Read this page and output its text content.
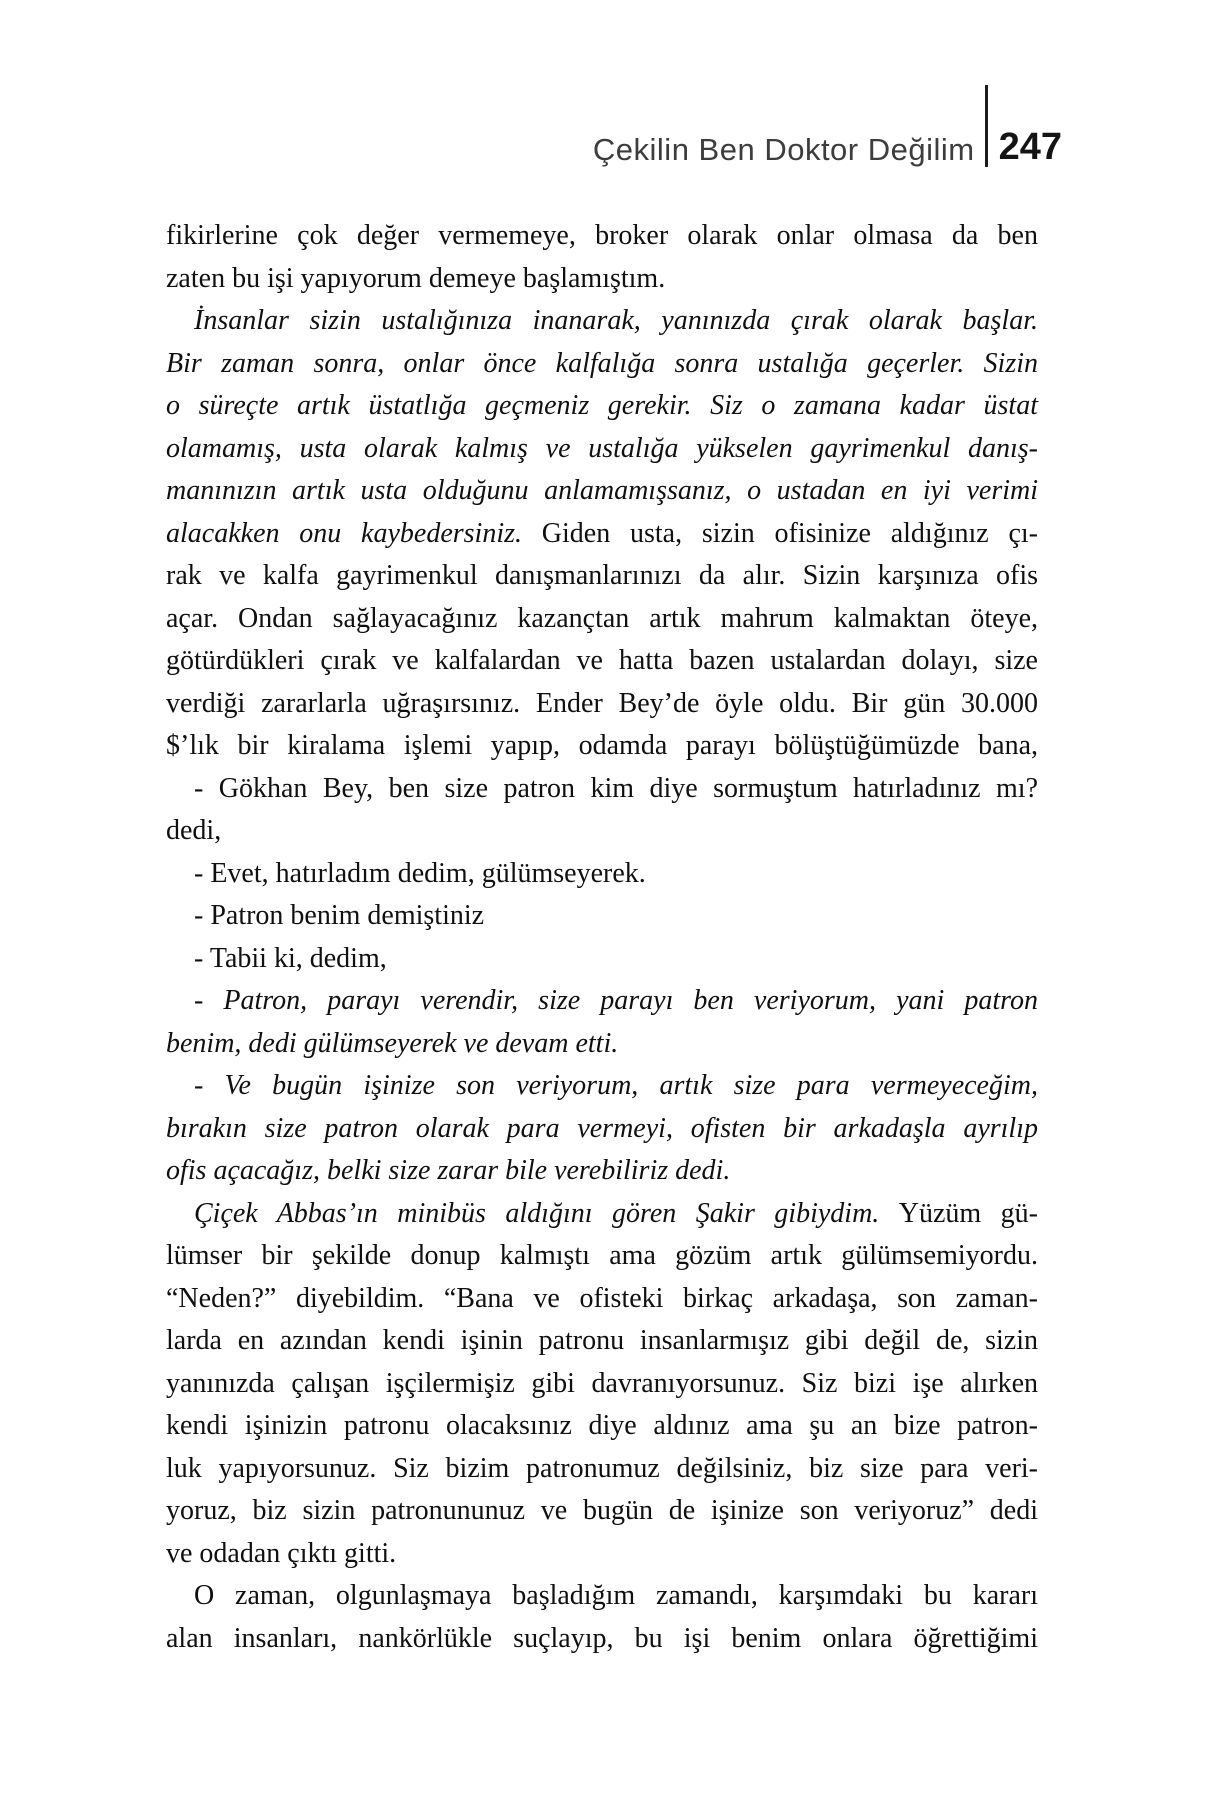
Çekilin Ben Doktor Değilim 247
fikirlerine çok değer vermemeye, broker olarak onlar olmasa da ben
zaten bu işi yapıyorum demeye başlamıştım.
İnsanlar sizin ustalığınıza inanarak, yanınızda çırak olarak başlar.
Bir zaman sonra, onlar önce kalfalığa sonra ustalığa geçerler. Sizin
o süreçte artık üstatlığa geçmeniz gerekir. Siz o zamana kadar üstat
olamamış, usta olarak kalmış ve ustalığa yükselen gayrimenkul danış-
manınızın artık usta olduğunu anlamamışsanız, o ustadan en iyi verimi
alacakken onu kaybedersiniz. Giden usta, sizin ofisinize aldığınız çı-
rak ve kalfa gayrimenkul danışmanlarınızı da alır. Sizin karşınıza ofis
açar. Ondan sağlayacağınız kazançtan artık mahrum kalmaktan öteye,
götürdükleri çırak ve kalfalardan ve hatta bazen ustalardan dolayı, size
verdiği zararlarla uğraşırsınız. Ender Bey’de öyle oldu. Bir gün 30.000
$’lık bir kiralama işlemi yapıp, odamda parayı bölüştüğümüzde bana,
- Gökhan Bey, ben size patron kim diye sormuştum hatırladınız mı?
dedi,
- Evet, hatırladım dedim, gülümseyerek.
- Patron benim demiştiniz
- Tabii ki, dedim,
- Patron, parayı verendir, size parayı ben veriyorum, yani patron
benim, dedi gülümseyerek ve devam etti.
- Ve bugün işinize son veriyorum, artık size para vermeyeceğim,
bırakın size patron olarak para vermeyi, ofisten bir arkadaşla ayrılıp
ofis açacağız, belki size zarar bile verebiliriz dedi.
Çiçek Abbas’ın minibüs aldığını gören Şakir gibiydim. Yüzüm gü-
lümser bir şekilde donup kalmıştı ama gözüm artık gülümsemiyordu.
“Neden?” diyebildim. “Bana ve ofisteki birkaç arkadaşa, son zaman-
larda en azından kendi işinin patronu insanlarmışız gibi değil de, sizin
yanınızda çalışan işçilermişiz gibi davranıyorsunuz. Siz bizi işe alırken
kendi işinizin patronu olacaksınız diye aldınız ama şu an bize patron-
luk yapıyorsunuz. Siz bizim patronumuz değilsiniz, biz size para veri-
yoruz, biz sizin patronununuz ve bugün de işinize son veriyoruz” dedi
ve odadan çıktı gitti.
O zaman, olgunlaşmaya başladığım zamandı, karşımdaki bu kararı
alan insanları, nankörlükle suçlayıp, bu işi benim onlara öğrettiğimi
